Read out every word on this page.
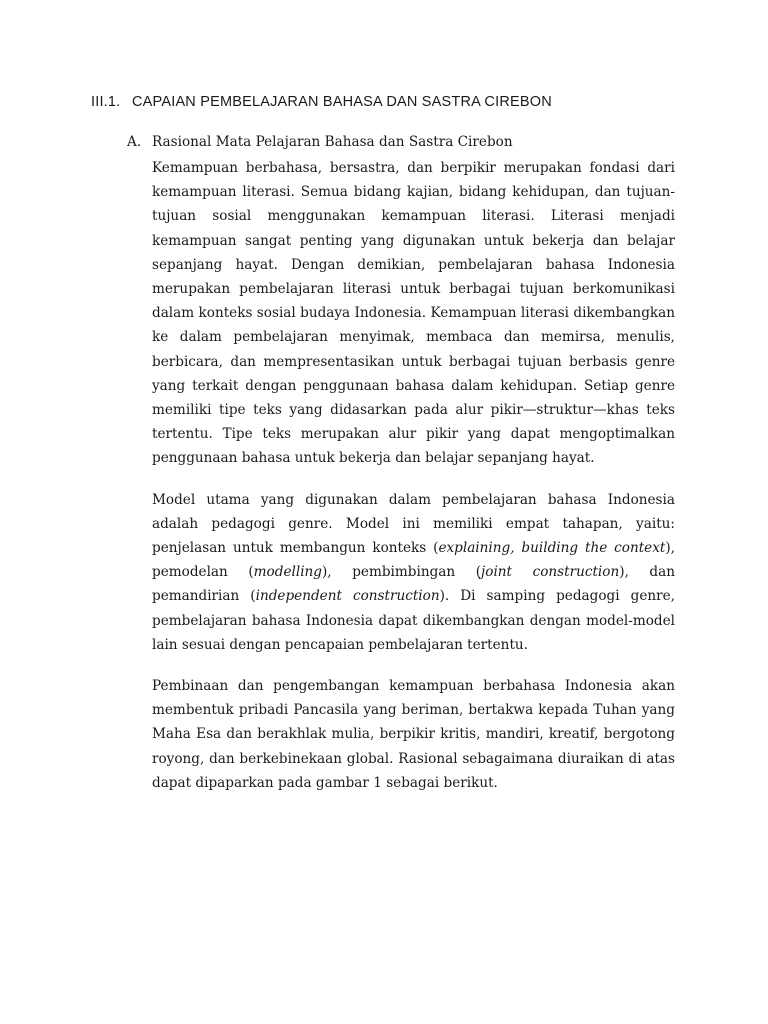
III.1. CAPAIAN PEMBELAJARAN BAHASA DAN SASTRA CIREBON
A. Rasional Mata Pelajaran Bahasa dan Sastra Cirebon

Kemampuan berbahasa, bersastra, dan berpikir merupakan fondasi dari kemampuan literasi. Semua bidang kajian, bidang kehidupan, dan tujuan-tujuan sosial menggunakan kemampuan literasi. Literasi menjadi kemampuan sangat penting yang digunakan untuk bekerja dan belajar sepanjang hayat. Dengan demikian, pembelajaran bahasa Indonesia merupakan pembelajaran literasi untuk berbagai tujuan berkomunikasi dalam konteks sosial budaya Indonesia. Kemampuan literasi dikembangkan ke dalam pembelajaran menyimak, membaca dan memirsa, menulis, berbicara, dan mempresentasikan untuk berbagai tujuan berbasis genre yang terkait dengan penggunaan bahasa dalam kehidupan. Setiap genre memiliki tipe teks yang didasarkan pada alur pikir—struktur—khas teks tertentu. Tipe teks merupakan alur pikir yang dapat mengoptimalkan penggunaan bahasa untuk bekerja dan belajar sepanjang hayat.

Model utama yang digunakan dalam pembelajaran bahasa Indonesia adalah pedagogi genre. Model ini memiliki empat tahapan, yaitu: penjelasan untuk membangun konteks (explaining, building the context), pemodelan (modelling), pembimbingan (joint construction), dan pemandirian (independent construction). Di samping pedagogi genre, pembelajaran bahasa Indonesia dapat dikembangkan dengan model-model lain sesuai dengan pencapaian pembelajaran tertentu.

Pembinaan dan pengembangan kemampuan berbahasa Indonesia akan membentuk pribadi Pancasila yang beriman, bertakwa kepada Tuhan yang Maha Esa dan berakhlak mulia, berpikir kritis, mandiri, kreatif, bergotong royong, dan berkebinekaan global. Rasional sebagaimana diuraikan di atas dapat dipaparkan pada gambar 1 sebagai berikut.
